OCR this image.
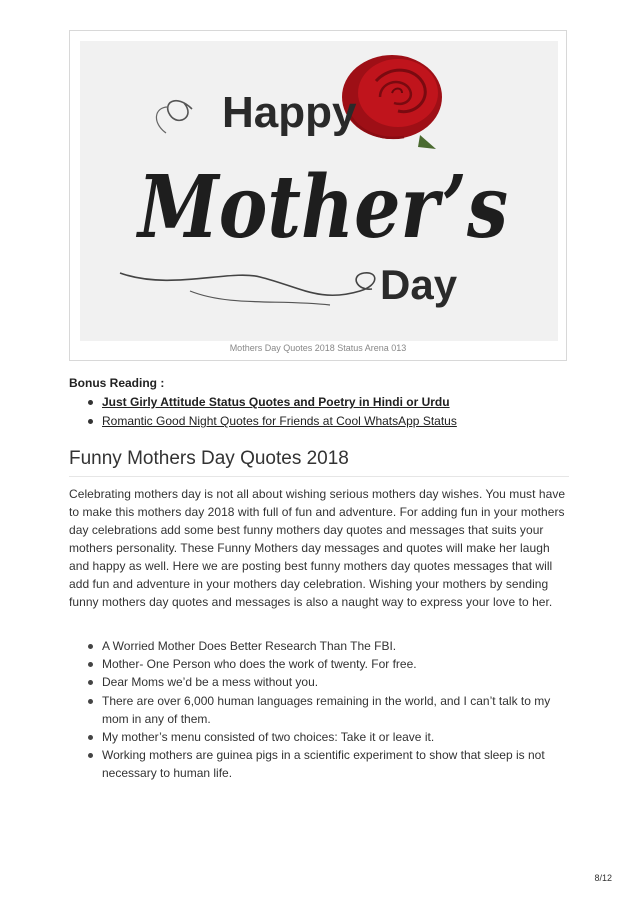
Happy
Mother’s
Day
Mothers Day Quotes 2018 Status Arena 013
Bonus Reading :
Just Girly Attitude Status Quotes and Poetry in Hindi or Urdu
Romantic Good Night Quotes for Friends at Cool WhatsApp Status
Funny Mothers Day Quotes 2018

Celebrating mothers day is not all about wishing serious mothers day wishes. You must have to make this mothers day 2018 with full of fun and adventure. For adding fun in your mothers day celebrations add some best funny mothers day quotes and messages that suits your mothers personality. These Funny Mothers day messages and quotes will make her laugh and happy as well. Here we are posting best funny mothers day quotes messages that will add fun and adventure in your mothers day celebration. Wishing your mothers by sending funny mothers day quotes and messages is also a naught way to express your love to her.

A Worried Mother Does Better Research Than The FBI.
Mother- One Person who does the work of twenty. For free.
Dear Moms we’d be a mess without you.
There are over 6,000 human languages remaining in the world, and I can’t talk to my mom in any of them.
My mother’s menu consisted of two choices: Take it or leave it.
Working mothers are guinea pigs in a scientific experiment to show that sleep is not necessary to human life.
8/12
